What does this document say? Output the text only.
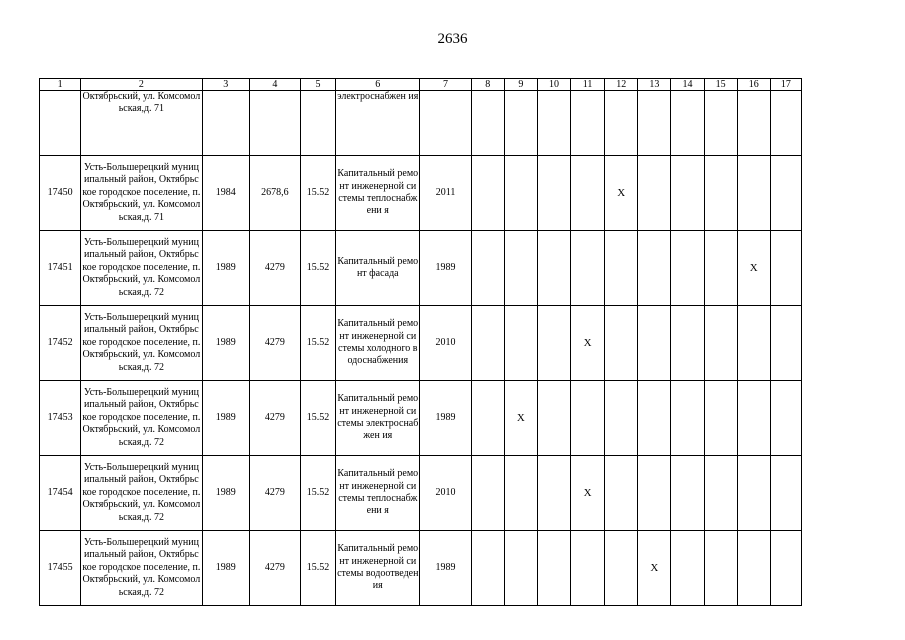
2636
1	2	3	4	5	6	7	8	9	10	11	12	13	14	15	16	17

	Октябрьский, ул. Комсомольская,д. 71				электроснабжен ия											

17450	Усть-Большерецкий муниципальный район, Октябрьское городское поселение, п. Октябрьский, ул. Комсомольская,д. 71	1984	2678,6	15.52	Капитальный ремонт инженерной системы теплоснабжени я	2011					X					

17451	Усть-Большерецкий муниципальный район, Октябрьское городское поселение, п. Октябрьский, ул. Комсомольская,д. 72	1989	4279	15.52	Капитальный ремонт фасада	1989									X	

17452	Усть-Большерецкий муниципальный район, Октябрьское городское поселение, п. Октябрьский, ул. Комсомольская,д. 72	1989	4279	15.52	Капитальный ремонт инженерной системы холодного водоснабжения	2010				X						

17453	Усть-Большерецкий муниципальный район, Октябрьское городское поселение, п. Октябрьский, ул. Комсомольская,д. 72	1989	4279	15.52	Капитальный ремонт инженерной системы электроснабжен ия	1989		X								

17454	Усть-Большерецкий муниципальный район, Октябрьское городское поселение, п. Октябрьский, ул. Комсомольская,д. 72	1989	4279	15.52	Капитальный ремонт инженерной системы теплоснабжени я	2010				X						

17455	Усть-Большерецкий муниципальный район, Октябрьское городское поселение, п. Октябрьский, ул. Комсомольская,д. 72	1989	4279	15.52	Капитальный ремонт инженерной системы водоотведения	1989						X				
